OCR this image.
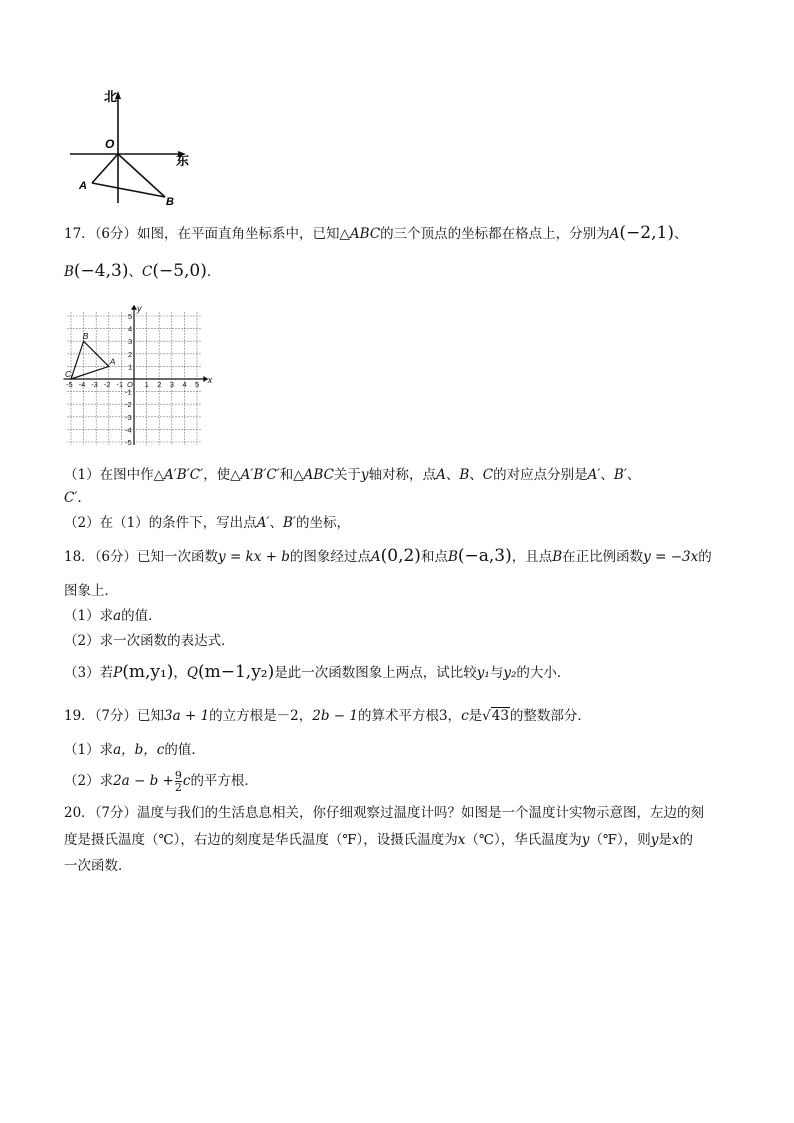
北
东
O
A
B
17．（6分）如图，在平面直角坐标系中，已知△ABC的三个顶点的坐标都在格点上，分别为A(−2,1)、
B(−4,3)、C(−5,0).
y
x
O 1
1
2
2
3
3
4
4
5
5
-1
-2
-3
-4
-5
-1
-2
-3
-4
-5
A
B
C
（1）在图中作△A′B′C′，使△A′B′C′和△ABC关于y轴对称，点A、B、C的对应点分别是A′、B′、
C′.
（2）在（1）的条件下，写出点A′、B′的坐标，
18．（6分）已知一次函数y = kx + b的图象经过点A(0,2)和点B(−a,3)，且点B在正比例函数y = −3x的
图象上．
（1）求a的值．
（2）求一次函数的表达式．
（3）若P(m,y₁)，Q(m−1,y₂)是此一次函数图象上两点，试比较y₁与y₂的大小．
19．（7分）已知3a + 1的立方根是－2，2b − 1的算术平方根3，c是√43的整数部分．
（1）求a，b，c的值．
（2）求$2a - b + \frac{9}{2}$ c的平方根．
20．（7分）温度与我们的生活息息相关，你仔细观察过温度计吗？如图是一个温度计实物示意图，左边的刻
度是摄氏温度（℃），右边的刻度是华氏温度（℉），设摄氏温度为x（℃），华氏温度为y（℉），则y是x的
一次函数．
